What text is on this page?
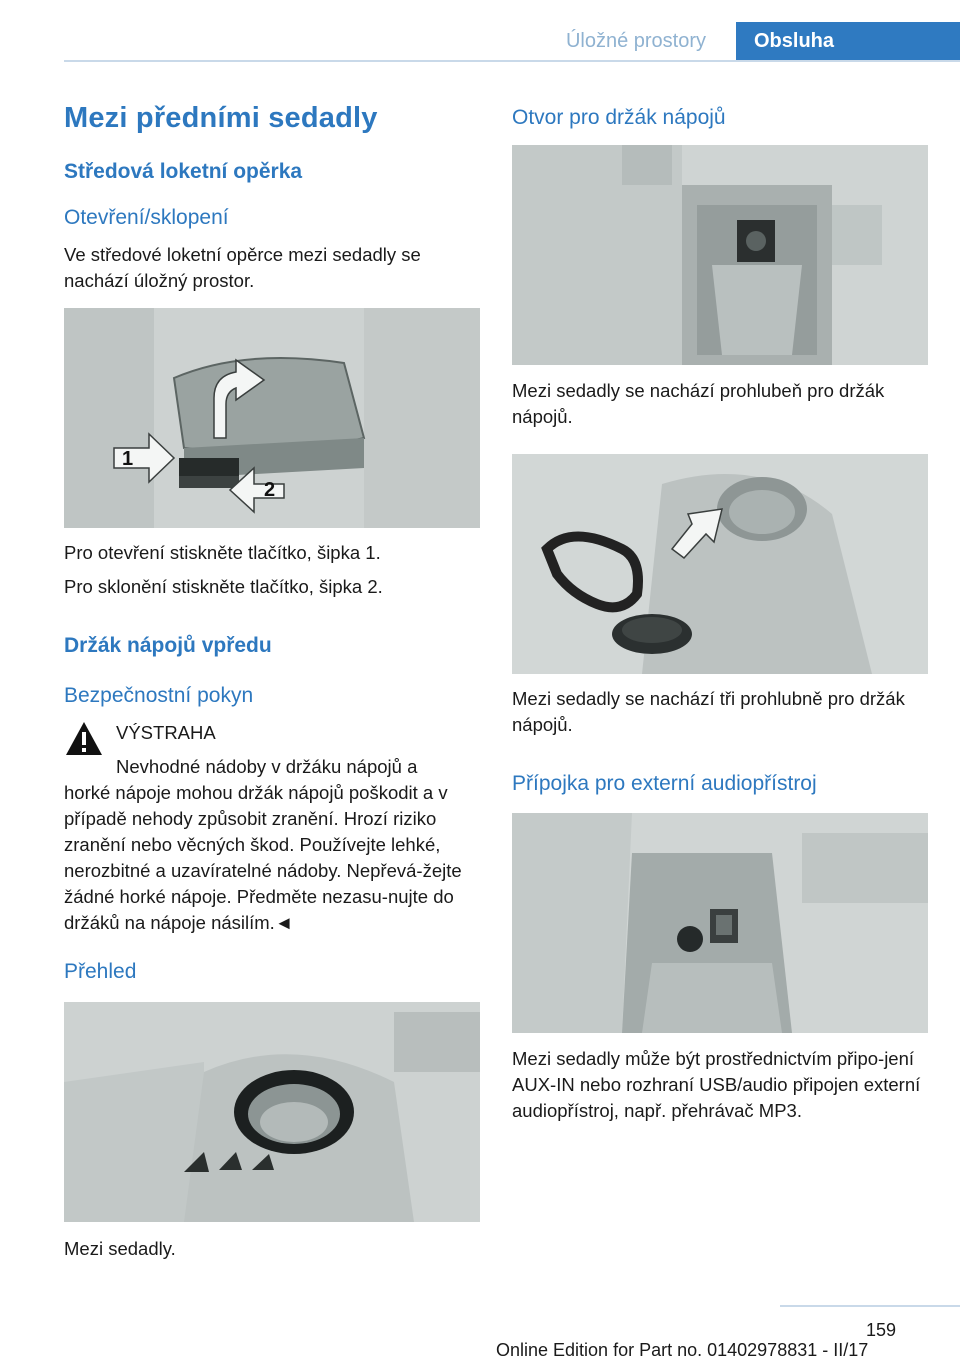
Úložné prostory	Obsluha
Mezi předními sedadly
Středová loketní opěrka
Otevření/sklopení
Ve středové loketní opěrce mezi sedadly se nachází úložný prostor.
1
2
Pro otevření stiskněte tlačítko, šipka 1.
Pro sklonění stiskněte tlačítko, šipka 2.
Držák nápojů vpředu
Bezpečnostní pokyn
VÝSTRAHA
Nevhodné nádoby v držáku nápojů a
horké nápoje mohou držák nápojů poškodit a v případě nehody způsobit zranění. Hrozí riziko zranění nebo věcných škod. Používejte lehké, nerozbitné a uzavíratelné nádoby. Nepřevá-žejte žádné horké nápoje. Předměte nezasu-nujte do držáků na nápoje násilím.◄
Přehled
Mezi sedadly.
Otvor pro držák nápojů
Mezi sedadly se nachází prohlubeň pro držák nápojů.
Mezi sedadly se nachází tři prohlubně pro držák nápojů.
Přípojka pro externí audiopřístroj
Mezi sedadly může být prostřednictvím připo-jení AUX-IN nebo rozhraní USB/audio připojen externí audiopřístroj, např. přehrávač MP3.
159
Online Edition for Part no. 01402978831 - II/17
